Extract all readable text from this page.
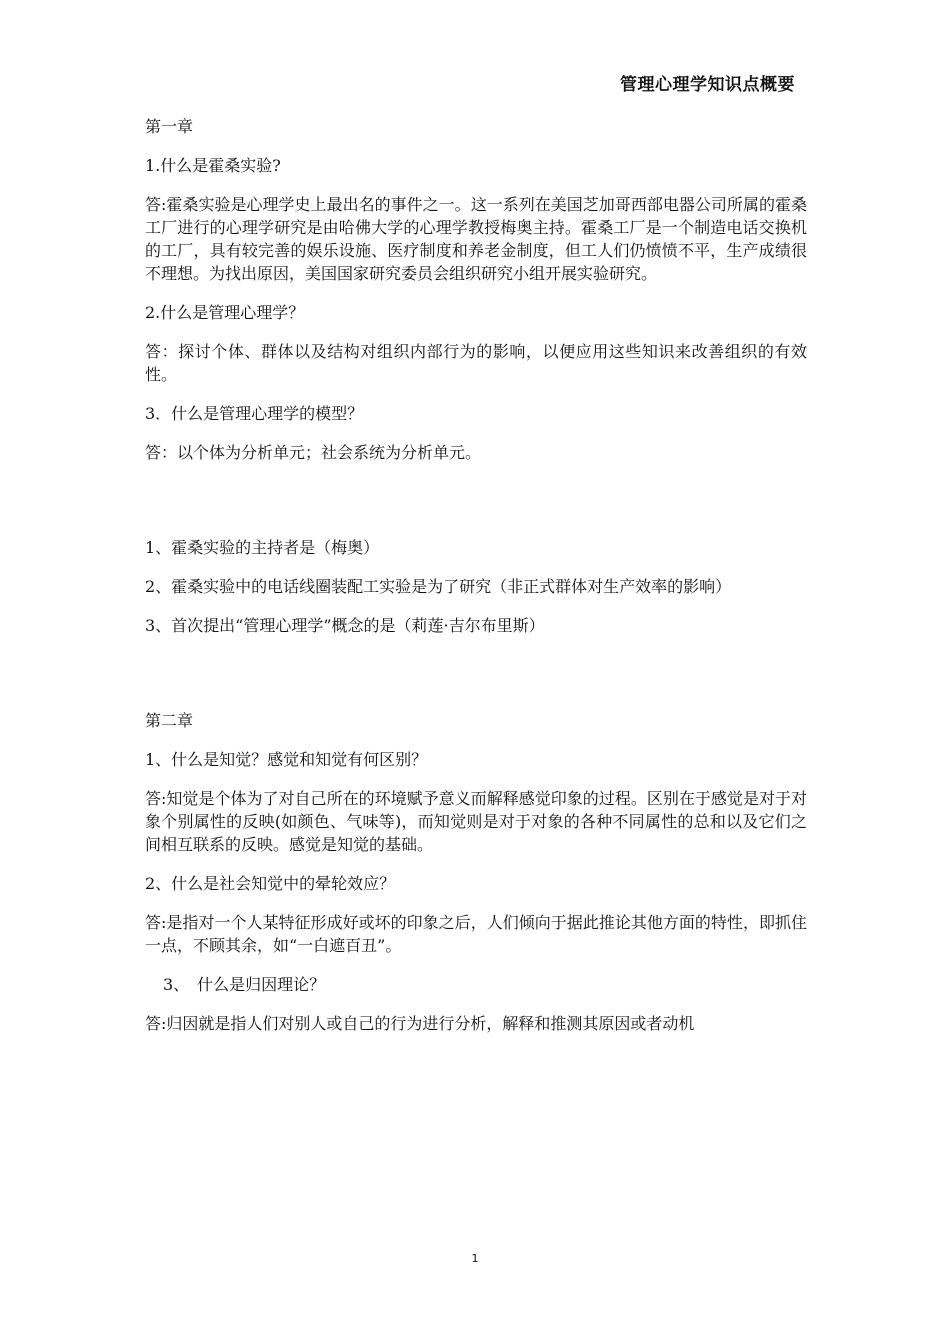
管理心理学知识点概要
第一章
1.什么是霍桑实验?
答:霍桑实验是心理学史上最出名的事件之一。这一系列在美国芝加哥西部电器公司所属的霍桑工厂进行的心理学研究是由哈佛大学的心理学教授梅奥主持。霍桑工厂是一个制造电话交换机的工厂，具有较完善的娱乐设施、医疗制度和养老金制度，但工人们仍愤愤不平，生产成绩很不理想。为找出原因，美国国家研究委员会组织研究小组开展实验研究。
2.什么是管理心理学？
答：探讨个体、群体以及结构对组织内部行为的影响，以便应用这些知识来改善组织的有效性。
3．什么是管理心理学的模型？
答：以个体为分析单元；社会系统为分析单元。
1、霍桑实验的主持者是（梅奥）
2、霍桑实验中的电话线圈装配工实验是为了研究（非正式群体对生产效率的影响）
3、首次提出“管理心理学”概念的是（莉莲·吉尔布里斯）
第二章
1、什么是知觉？感觉和知觉有何区别？
答:知觉是个体为了对自己所在的环境赋予意义而解释感觉印象的过程。区别在于感觉是对于对象个别属性的反映(如颜色、气味等)，而知觉则是对于对象的各种不同属性的总和以及它们之间相互联系的反映。感觉是知觉的基础。
2、什么是社会知觉中的晕轮效应？
答:是指对一个人某特征形成好或坏的印象之后，人们倾向于据此推论其他方面的特性，即抓住一点，不顾其余，如“一白遮百丑”。
3、　什么是归因理论？
答:归因就是指人们对别人或自己的行为进行分析，解释和推测其原因或者动机
1
